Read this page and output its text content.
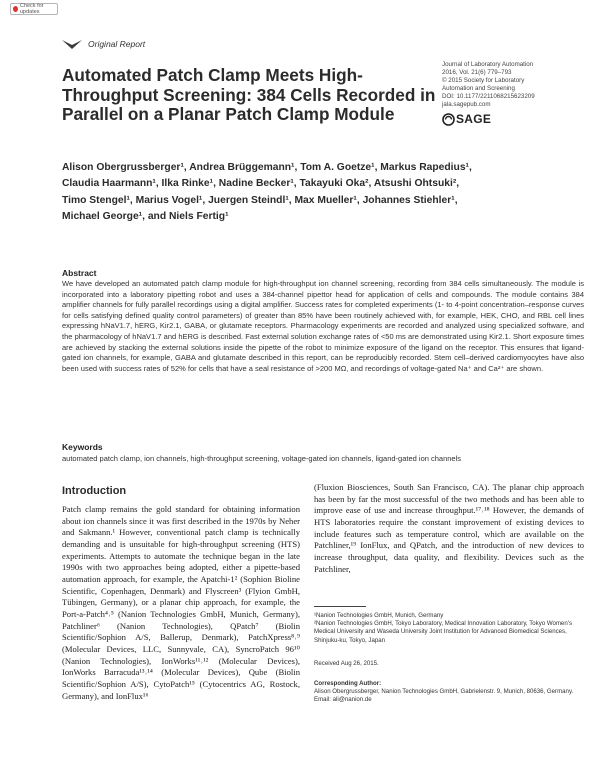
Check for updates
Original Report
Automated Patch Clamp Meets High-Throughput Screening: 384 Cells Recorded in Parallel on a Planar Patch Clamp Module
Journal of Laboratory Automation
2016, Vol. 21(6) 779–793
© 2015 Society for Laboratory
Automation and Screening
DOI: 10.1177/2211068215623209
jala.sagepub.com
SAGE
Alison Obergrussberger¹, Andrea Brüggemann¹, Tom A. Goetze¹, Markus Rapedius¹, Claudia Haarmann¹, Ilka Rinke¹, Nadine Becker¹, Takayuki Oka², Atsushi Ohtsuki², Timo Stengel¹, Marius Vogel¹, Juergen Steindl¹, Max Mueller¹, Johannes Stiehler¹, Michael George¹, and Niels Fertig¹
Abstract

We have developed an automated patch clamp module for high-throughput ion channel screening, recording from 384 cells simultaneously. The module is incorporated into a laboratory pipetting robot and uses a 384-channel pipettor head for application of cells and compounds. The module contains 384 amplifier channels for fully parallel recordings using a digital amplifier. Success rates for completed experiments (1- to 4-point concentration–response curves for cells satisfying defined quality control parameters) of greater than 85% have been routinely achieved with, for example, HEK, CHO, and RBL cell lines expressing hNaV1.7, hERG, Kir2.1, GABA, or glutamate receptors. Pharmacology experiments are recorded and analyzed using specialized software, and the pharmacology of hNaV1.7 and hERG is described. Fast external solution exchange rates of <50 ms are demonstrated using Kir2.1. Short exposure times are achieved by stacking the external solutions inside the pipette of the robot to minimize exposure of the ligand on the receptor. This ensures that ligand-gated ion channels, for example, GABA and glutamate described in this report, can be reproducibly recorded. Stem cell–derived cardiomyocytes have also been used with success rates of 52% for cells that have a seal resistance of >200 MΩ, and recordings of voltage-gated Na⁺ and Ca²⁺ are shown.

Keywords

automated patch clamp, ion channels, high-throughput screening, voltage-gated ion channels, ligand-gated ion channels

Introduction

Patch clamp remains the gold standard for obtaining information about ion channels since it was first described in the 1970s by Neher and Sakmann.¹ However, conventional patch clamp is technically demanding and is unsuitable for high-throughput screening (HTS) experiments. Attempts to automate the technique began in the late 1990s with two approaches being adopted, either a pipette-based automation approach, for example, the Apatchi-1² (Sophion Bioline Scientific, Copenhagen, Denmark) and Flyscreen³ (Flyion GmbH, Tübingen, Germany), or a planar chip approach, for example, the Port-a-Patch⁴˒⁵ (Nanion Technologies GmbH, Munich, Germany), Patchliner⁶ (Nanion Technologies), QPatch⁷ (Biolin Scientific/Sophion A/S, Ballerup, Denmark), PatchXpress⁸˒⁹ (Molecular Devices, LLC, Sunnyvale, CA), SyncroPatch 96¹⁰ (Nanion Technologies), IonWorks¹¹˒¹² (Molecular Devices), IonWorks Barracuda¹³˒¹⁴ (Molecular Devices), Qube (Biolin Scientific/Sophion A/S), CytoPatch¹⁵ (Cytocentrics AG, Rostock, Germany), and IonFlux¹⁶

(Fluxion Biosciences, South San Francisco, CA). The planar chip approach has been by far the most successful of the two methods and has been able to improve ease of use and increase throughput.¹⁷˒¹⁸ However, the demands of HTS laboratories require the constant improvement of existing devices to include features such as temperature control, which are available on the Patchliner,¹⁹ IonFlux, and QPatch, and the introduction of new devices to increase throughput, data quality, and flexibility. Devices such as the Patchliner,

¹Nanion Technologies GmbH, Munich, Germany

²Nanion Technologies GmbH, Tokyo Laboratory, Medical Innovation Laboratory, Tokyo Women’s Medical University and Waseda University Joint Institution for Advanced Biomedical Sciences, Shinjuku-ku, Tokyo, Japan

Received Aug 26, 2015.

Corresponding Author:

Alison Obergrussberger, Nanion Technologies GmbH, Gabrielenstr. 9, Munich, 80636, Germany.

Email: ali@nanion.de
